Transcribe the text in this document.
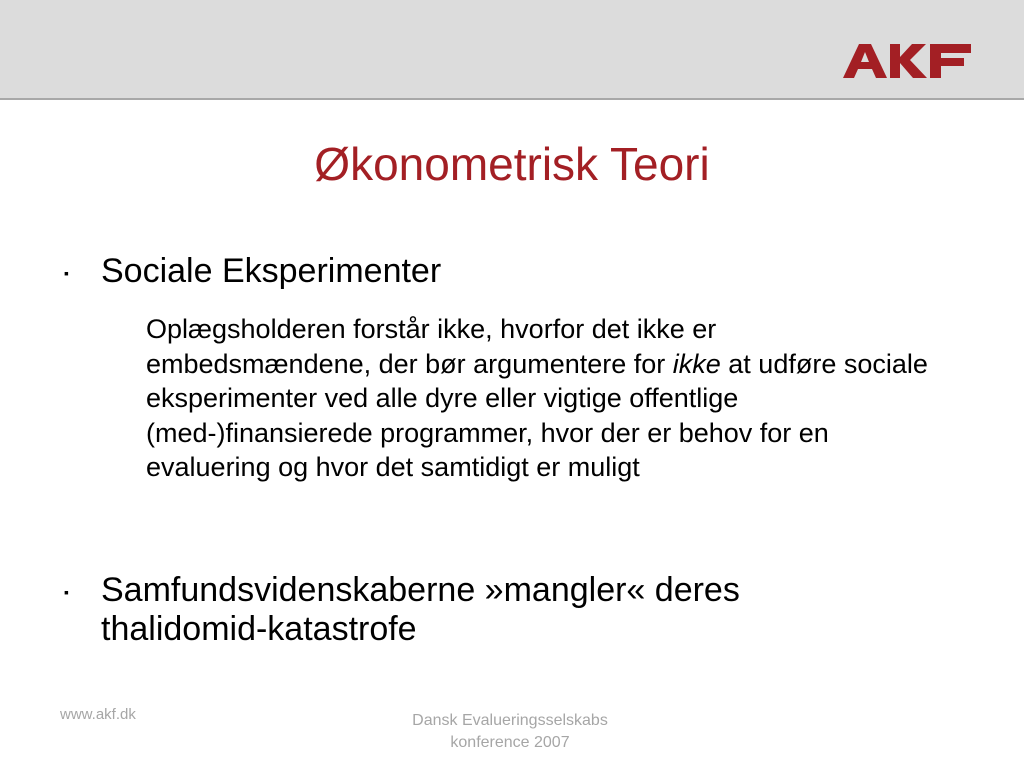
Økonometrisk Teori
▪ Sociale Eksperimenter
Oplægsholderen forstår ikke, hvorfor det ikke er embedsmændene, der bør argumentere for ikke at udføre sociale eksperimenter ved alle dyre eller vigtige offentlige (med-)finansierede programmer, hvor der er behov for en evaluering og hvor det samtidigt er muligt
▪ Samfundsvidenskaberne »mangler« deres thalidomid-katastrofe
www.akf.dk	Dansk Evalueringsselskabs
konference 2007
